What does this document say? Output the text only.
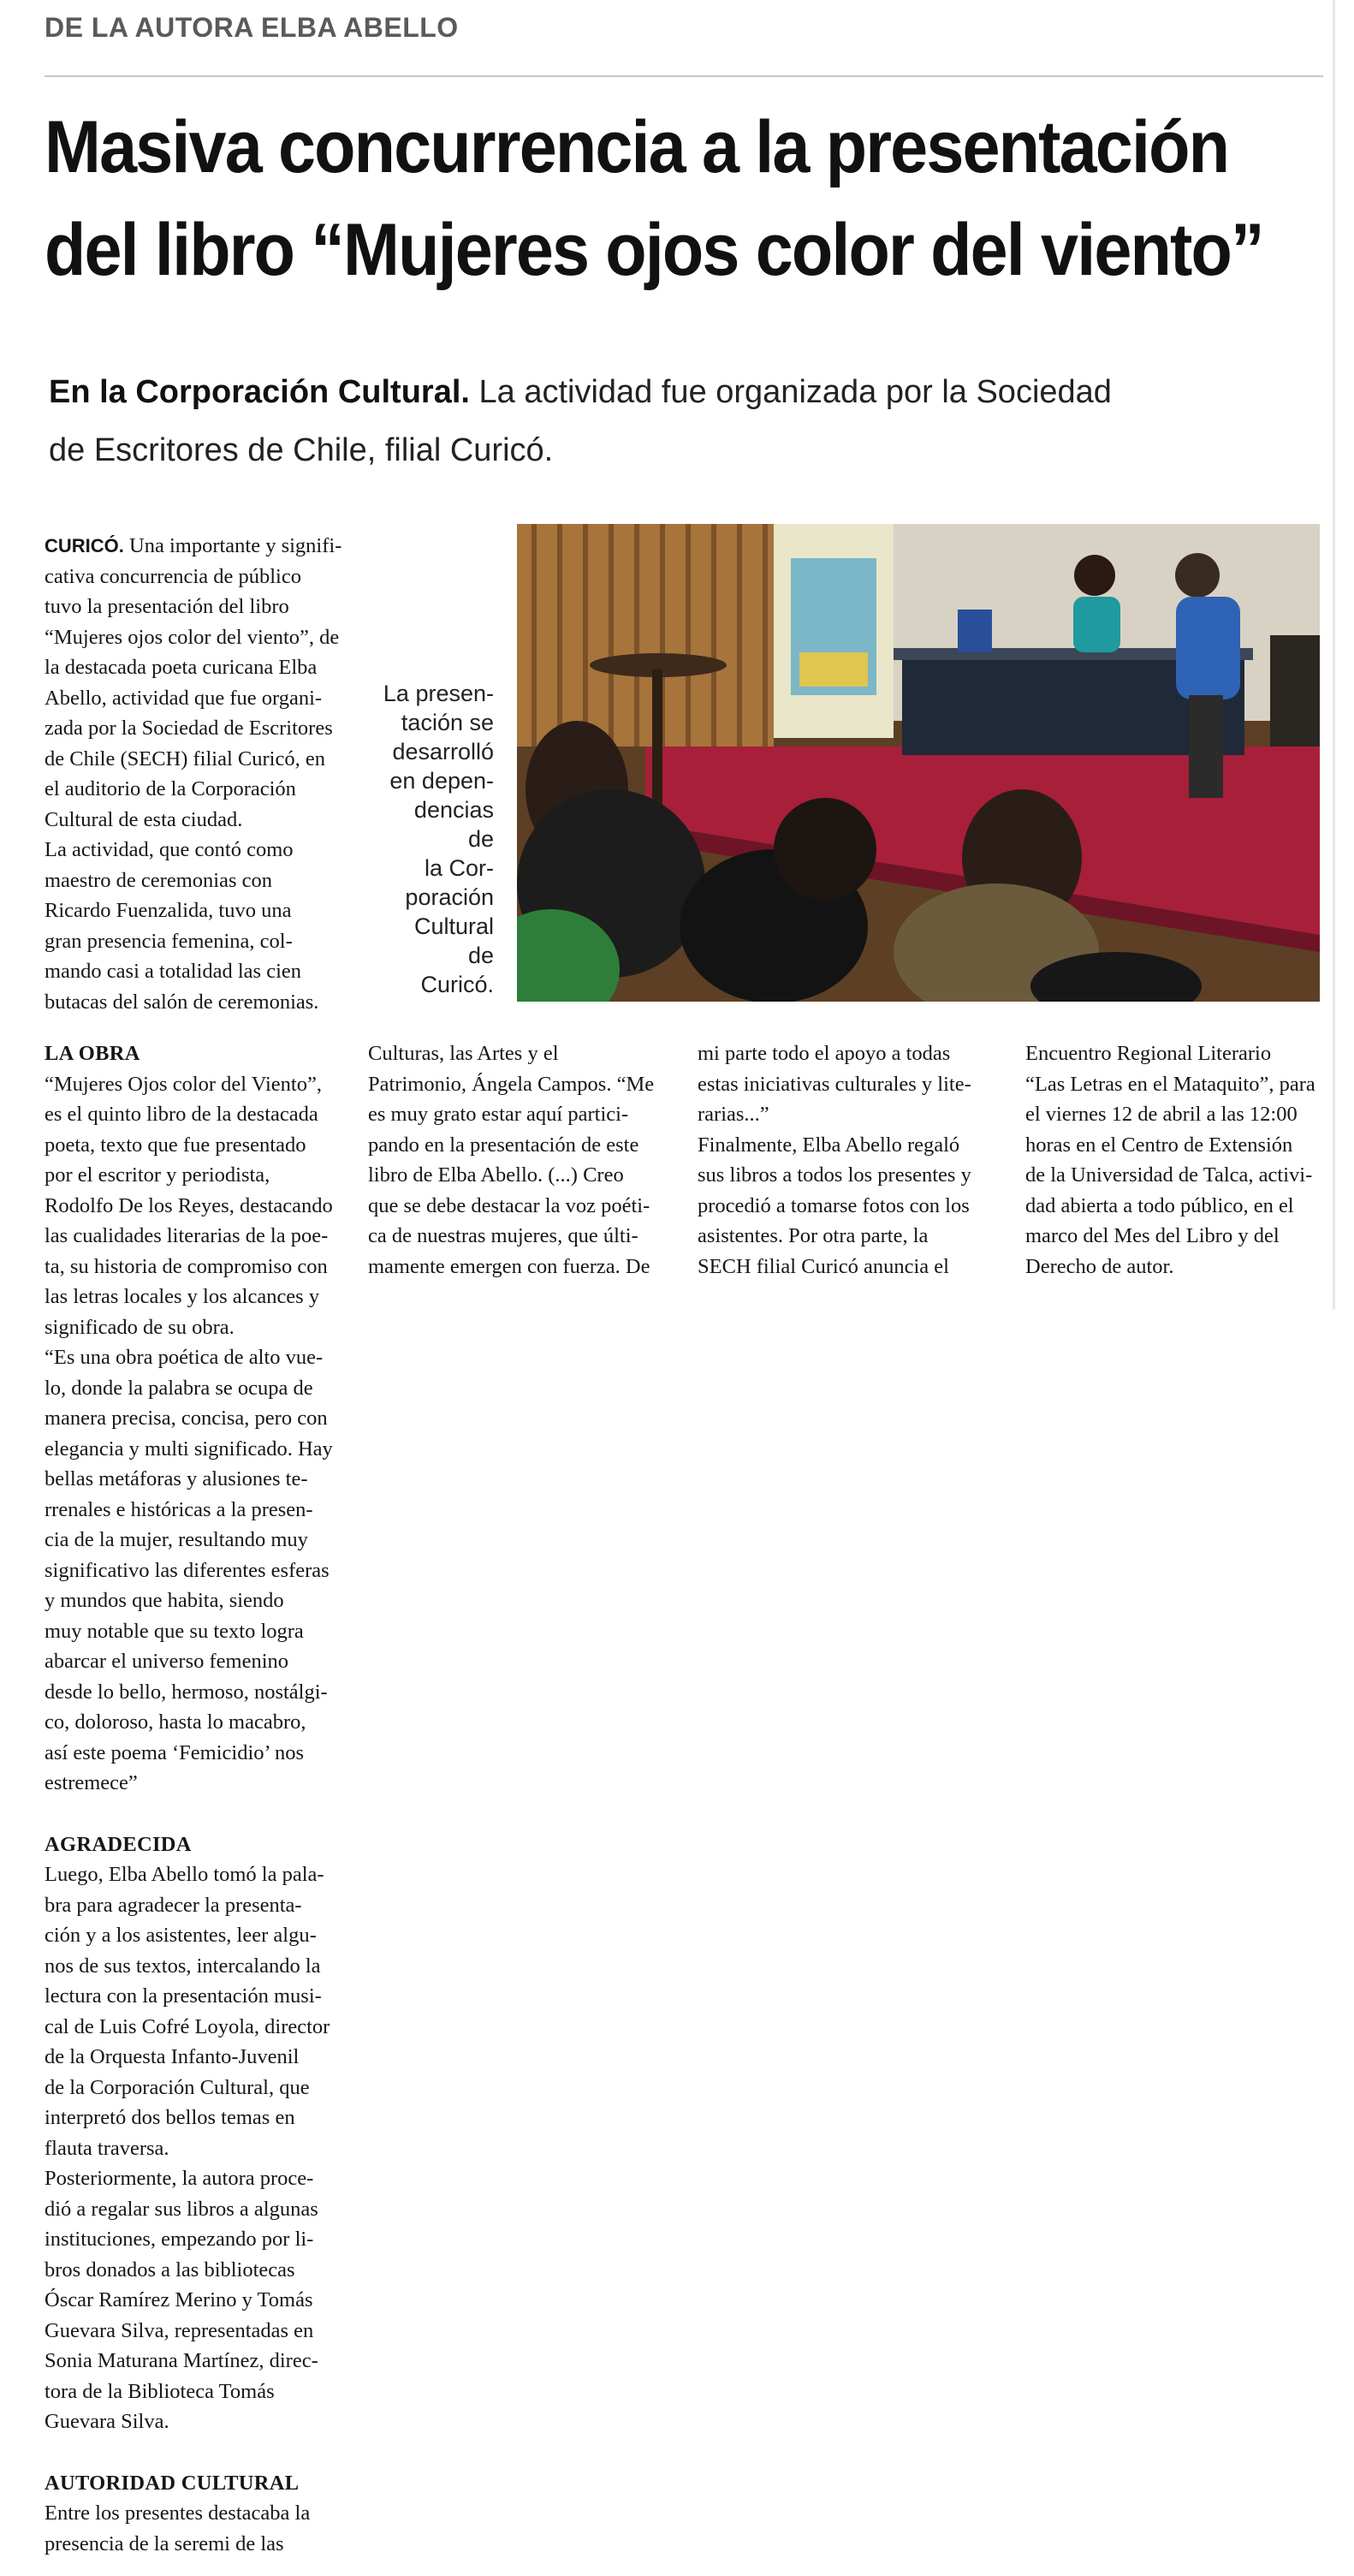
DE LA AUTORA ELBA ABELLO
Masiva concurrencia a la presentación
del libro “Mujeres ojos color del viento”
En la Corporación Cultural. La actividad fue organizada por la Sociedad
de Escritores de Chile, filial Curicó.
CURICÓ. Una importante y signifi-
cativa concurrencia de público
tuvo la presentación del libro
“Mujeres ojos color del viento”, de
la destacada poeta curicana Elba
Abello, actividad que fue organi-
zada por la Sociedad de Escritores
de Chile (SECH) filial Curicó, en
el auditorio de la Corporación
Cultural de esta ciudad.
La actividad, que contó como
maestro de ceremonias con
Ricardo Fuenzalida, tuvo una
gran presencia femenina, col-
mando casi a totalidad las cien
butacas del salón de ceremonias.
La presen-
tación se
desarrolló
en depen-
dencias de
la Cor-
poración
Cultural de
Curicó.
LA OBRA
“Mujeres Ojos color del Viento”,
es el quinto libro de la destacada
poeta, texto que fue presentado
por el escritor y periodista,
Rodolfo De los Reyes, destacando
las cualidades literarias de la poe-
ta, su historia de compromiso con
las letras locales y los alcances y
significado de su obra.
“Es una obra poética de alto vue-
lo, donde la palabra se ocupa de
manera precisa, concisa, pero con
elegancia y multi significado. Hay
bellas metáforas y alusiones te-
rrenales e históricas a la presen-
cia de la mujer, resultando muy
significativo las diferentes esferas
y mundos que habita, siendo
muy notable que su texto logra
abarcar el universo femenino
desde lo bello, hermoso, nostálgi-
co, doloroso, hasta lo macabro,
así este poema ‘Femicidio’ nos
estremece”
AGRADECIDA
Luego, Elba Abello tomó la pala-
bra para agradecer la presenta-
ción y a los asistentes, leer algu-
nos de sus textos, intercalando la
lectura con la presentación musi-
cal de Luis Cofré Loyola, director
de la Orquesta Infanto-Juvenil
de la Corporación Cultural, que
interpretó dos bellos temas en
flauta traversa.
Posteriormente, la autora proce-
dió a regalar sus libros a algunas
instituciones, empezando por li-
bros donados a las bibliotecas
Óscar Ramírez Merino y Tomás
Guevara Silva, representadas en
Sonia Maturana Martínez, direc-
tora de la Biblioteca Tomás
Guevara Silva.
AUTORIDAD CULTURAL
Entre los presentes destacaba la
presencia de la seremi de las
Culturas, las Artes y el
Patrimonio, Ángela Campos. “Me
es muy grato estar aquí partici-
pando en la presentación de este
libro de Elba Abello. (...) Creo
que se debe destacar la voz poéti-
ca de nuestras mujeres, que últi-
mamente emergen con fuerza. De
mi parte todo el apoyo a todas
estas iniciativas culturales y lite-
rarias...”
Finalmente, Elba Abello regaló
sus libros a todos los presentes y
procedió a tomarse fotos con los
asistentes. Por otra parte, la
SECH filial Curicó anuncia el
Encuentro Regional Literario
“Las Letras en el Mataquito”, para
el viernes 12 de abril a las 12:00
horas en el Centro de Extensión
de la Universidad de Talca, activi-
dad abierta a todo público, en el
marco del Mes del Libro y del
Derecho de autor.
